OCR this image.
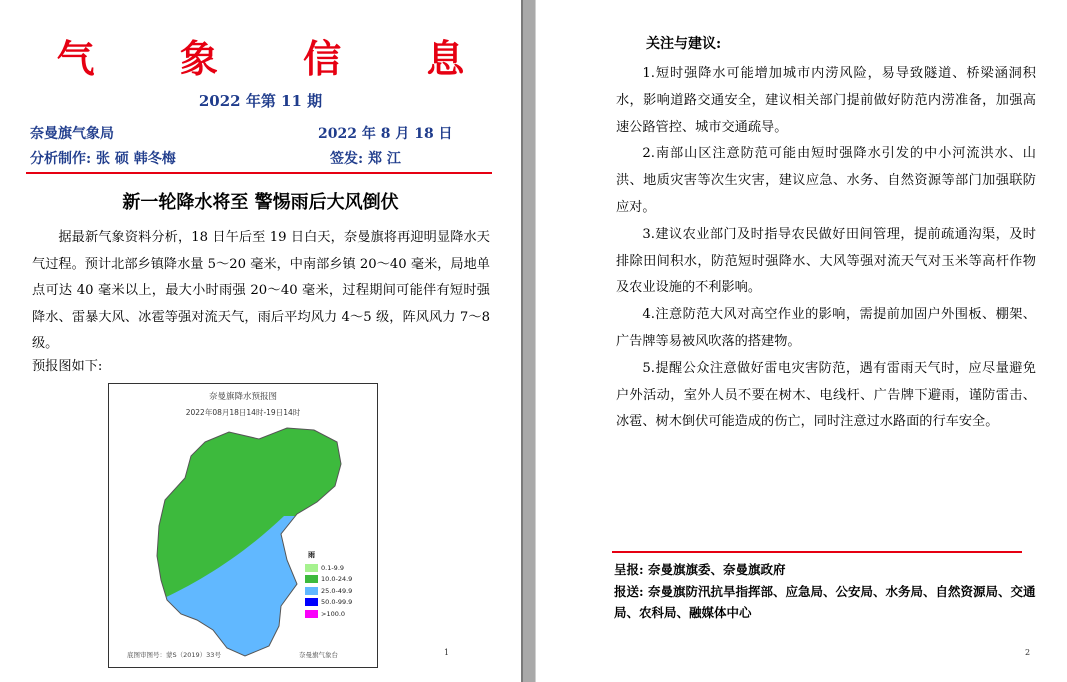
气 象 信 息
2022 年第 11 期
奈曼旗气象局	2022 年 8 月 18 日
分析制作: 张 硕 韩冬梅	签发: 郑 江
新一轮降水将至 警惕雨后大风倒伏

据最新气象资料分析，18 日午后至 19 日白天，奈曼旗将再迎明显降水天气过程。预计北部乡镇降水量 5～20 毫米，中南部乡镇 20～40 毫米，局地单点可达 40 毫米以上，最大小时雨强 20～40 毫米，过程期间可能伴有短时强降水、雷暴大风、冰雹等强对流天气，雨后平均风力 4～5 级，阵风风力 7～8 级。

预报图如下:
奈曼旗降水预报图
2022年08月18日14时-19日14时
雨
0.1-9.9
10.0-24.9
25.0-49.9
50.0-99.9
>100.0
底图审图号：蒙S（2019）33号	奈曼旗气象台	1
关注与建议:

1.短时强降水可能增加城市内涝风险，易导致隧道、桥梁涵洞积水，影响道路交通安全，建议相关部门提前做好防范内涝准备，加强高速公路管控、城市交通疏导。

2.南部山区注意防范可能由短时强降水引发的中小河流洪水、山洪、地质灾害等次生灾害，建议应急、水务、自然资源等部门加强联防应对。

3.建议农业部门及时指导农民做好田间管理，提前疏通沟渠，及时排除田间积水，防范短时强降水、大风等强对流天气对玉米等高杆作物及农业设施的不利影响。

4.注意防范大风对高空作业的影响，需提前加固户外围板、棚架、广告牌等易被风吹落的搭建物。

5.提醒公众注意做好雷电灾害防范，遇有雷雨天气时，应尽量避免户外活动，室外人员不要在树木、电线杆、广告牌下避雨，谨防雷击、冰雹、树木倒伏可能造成的伤亡，同时注意过水路面的行车安全。

呈报: 奈曼旗旗委、奈曼旗政府
报送: 奈曼旗防汛抗旱指挥部、应急局、公安局、水务局、自然资源局、交通局、农科局、融媒体中心
2
